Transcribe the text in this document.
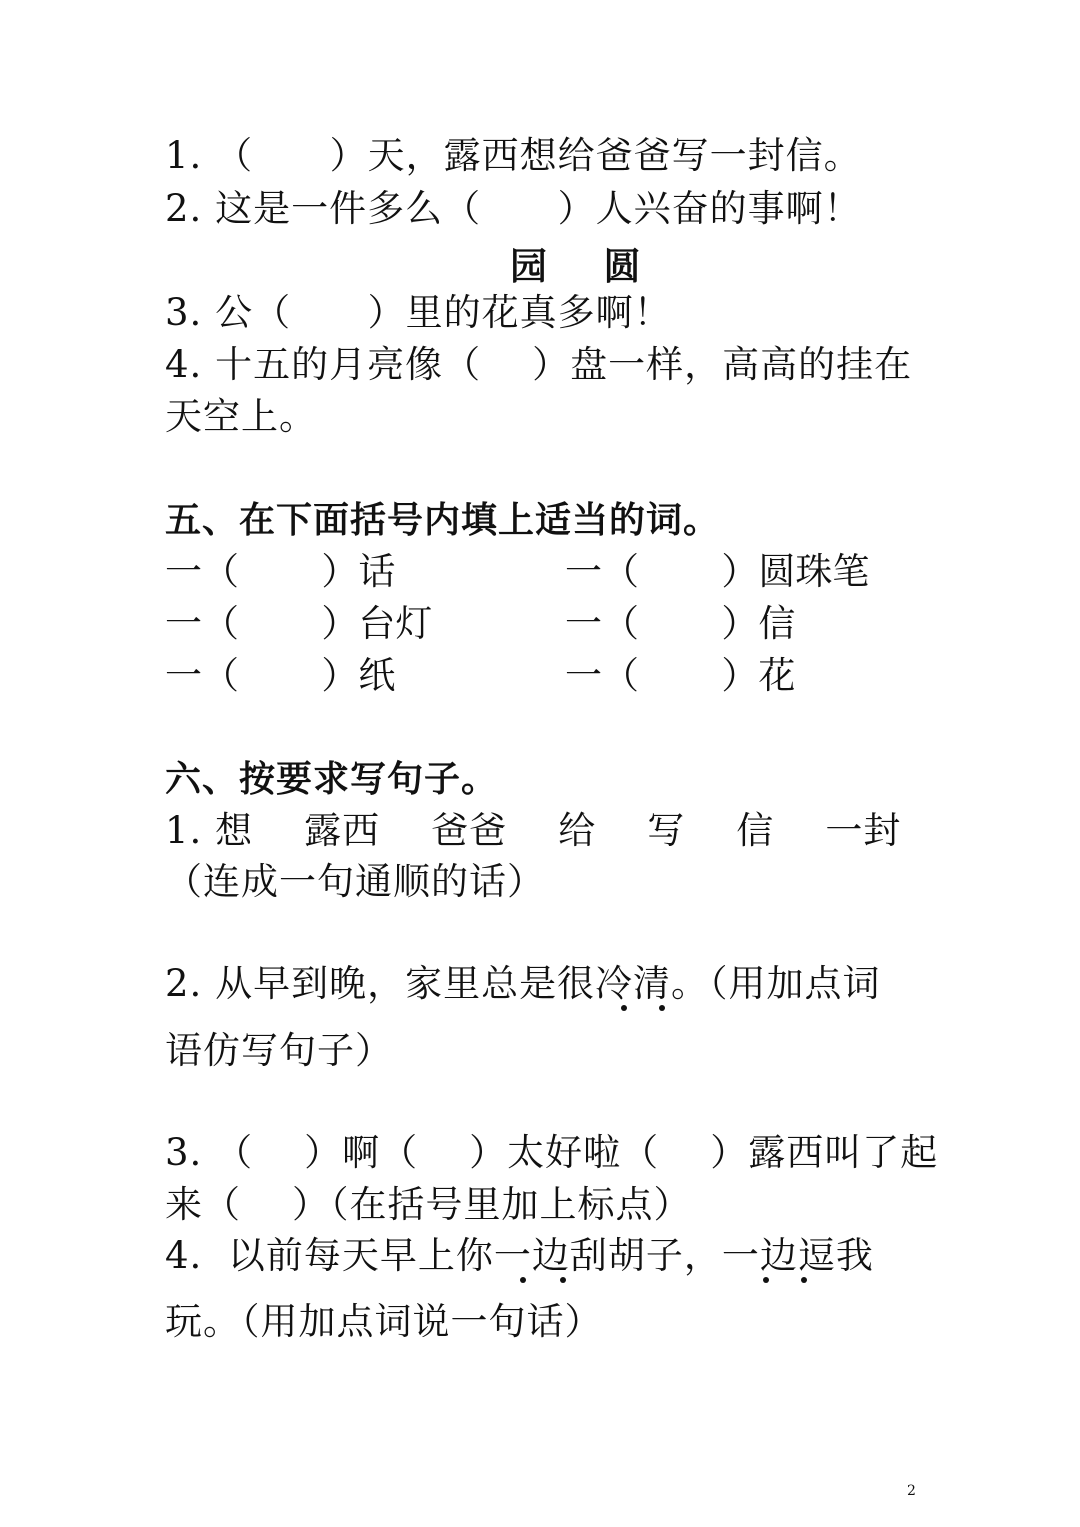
1. （      ）天，露西想给爸爸写一封信。
2. 这是一件多么（      ）人兴奋的事啊！
园    圆
3. 公（      ）里的花真多啊！
4. 十五的月亮像（    ）盘一样，高高的挂在
天空上。
五、在下面括号内填上适当的词。
一（       ）话	一（       ）圆珠笔
一（       ）台灯	一（       ）信
一（       ）纸	一（       ）花
六、按要求写句子。
1. 想    露西    爸爸    给    写    信    一封
（连成一句通顺的话）
2. 从早到晚，家里总是很冷清。（用加点词
语仿写句子）
3. （    ）啊（    ）太好啦（    ）露西叫了起
来（    ）（在括号里加上标点）
4.  以前每天早上你一边刮胡子，一边逗我
玩。（用加点词说一句话）
2
